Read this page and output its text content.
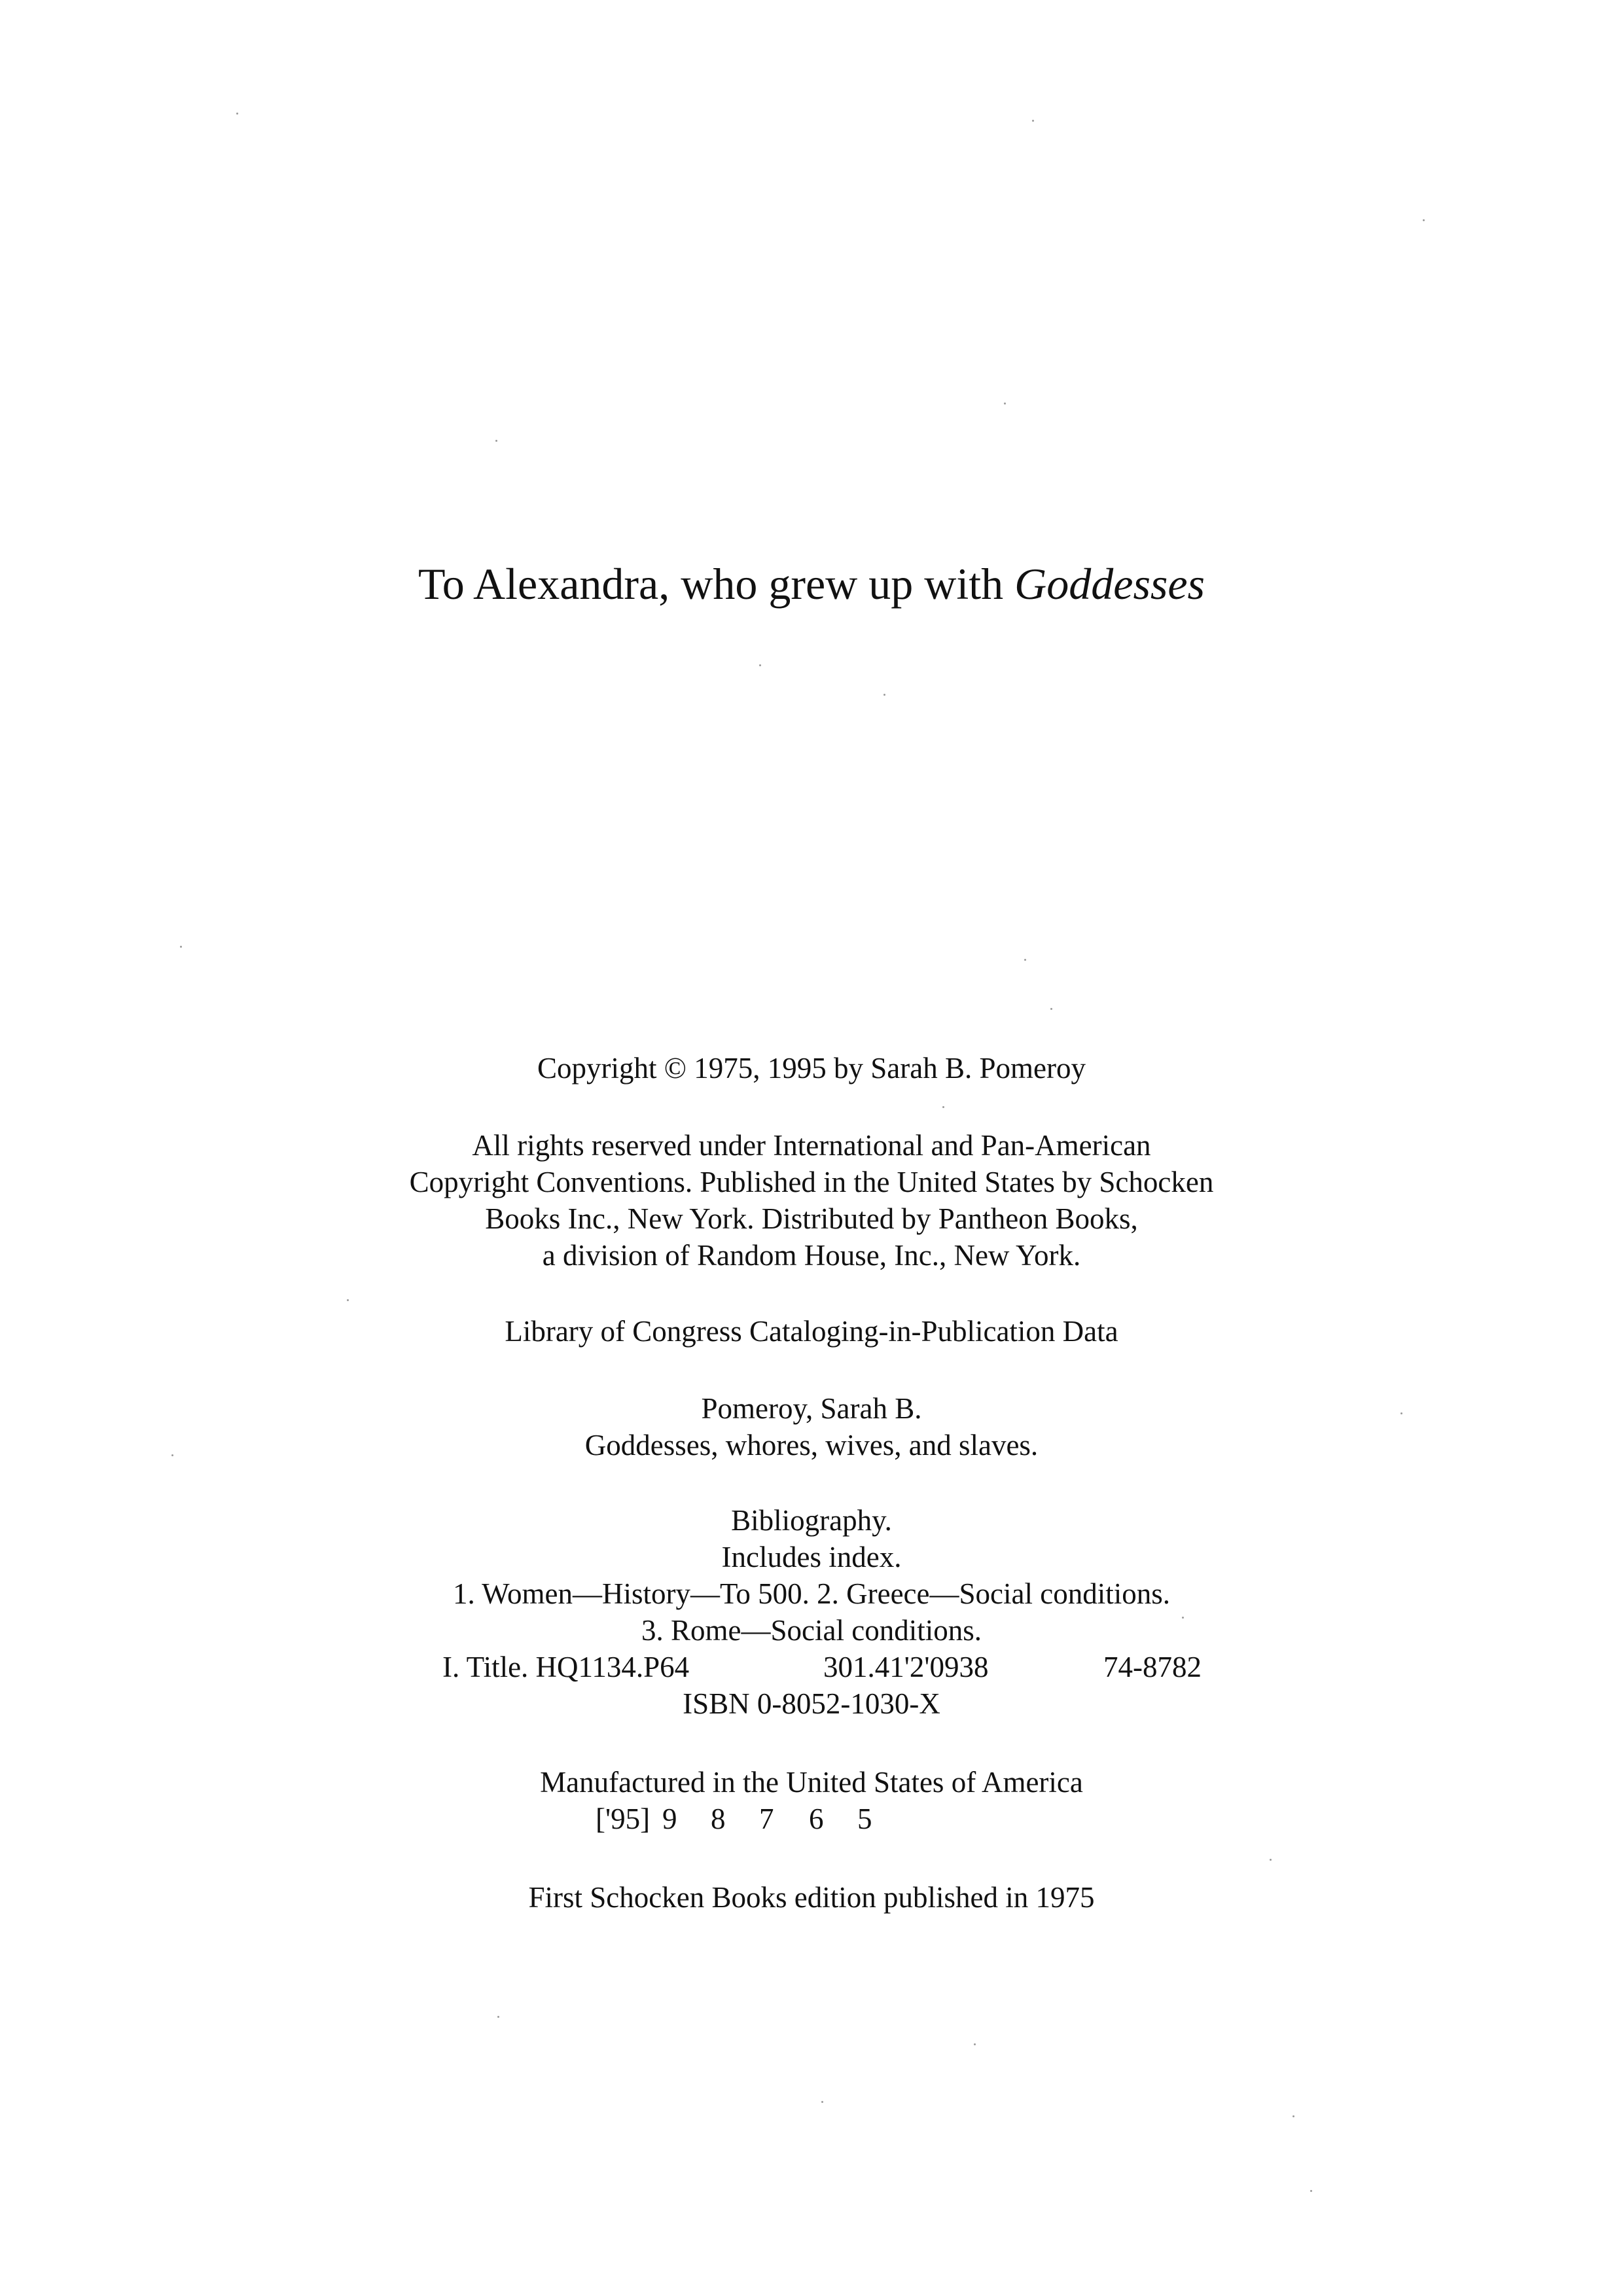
To Alexandra, who grew up with Goddesses
Copyright © 1975, 1995 by Sarah B. Pomeroy
All rights reserved under International and Pan-American
Copyright Conventions. Published in the United States by Schocken
Books Inc., New York. Distributed by Pantheon Books,
a division of Random House, Inc., New York.
Library of Congress Cataloging-in-Publication Data
Pomeroy, Sarah B.
Goddesses, whores, wives, and slaves.
Bibliography.
Includes index.
1. Women—History—To 500. 2. Greece—Social conditions.
3. Rome—Social conditions.
I. Title. HQ1134.P64	301.41'2'0938	74-8782
ISBN 0-8052-1030-X
Manufactured in the United States of America
['95] 9 8 7 6 5
First Schocken Books edition published in 1975
